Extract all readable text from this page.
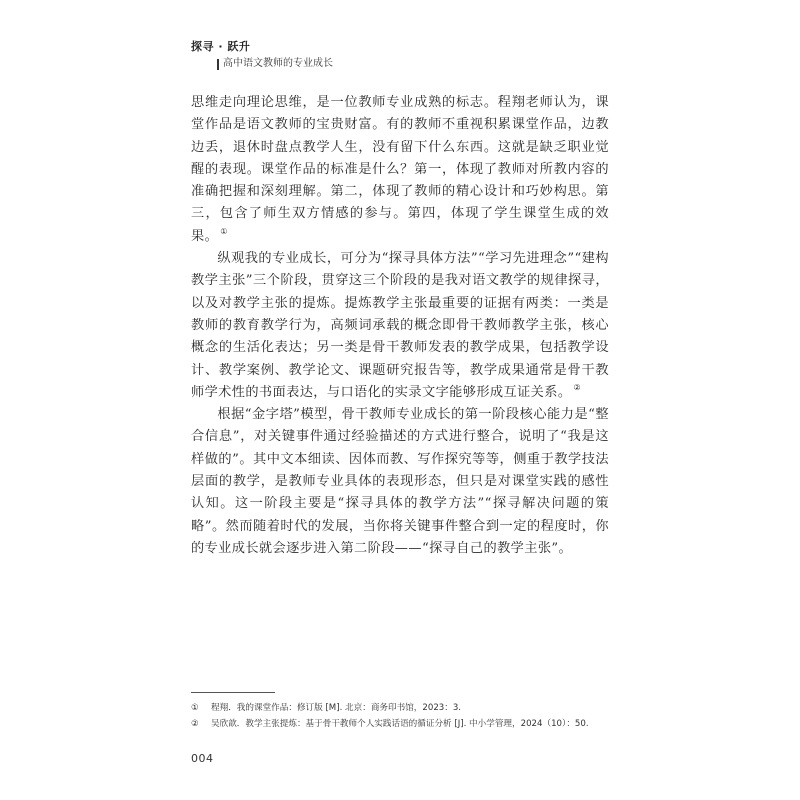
探寻 · 跃升
高中语文教师的专业成长

思维走向理论思维，是一位教师专业成熟的标志。程翔老师认为，课堂作品是语文教师的宝贵财富。有的教师不重视积累课堂作品，边教边丢，退休时盘点教学人生，没有留下什么东西。这就是缺乏职业觉醒的表现。课堂作品的标准是什么？第一，体现了教师对所教内容的准确把握和深刻理解。第二，体现了教师的精心设计和巧妙构思。第三，包含了师生双方情感的参与。第四，体现了学生课堂生成的效果。 ①

纵观我的专业成长，可分为“探寻具体方法”“学习先进理念”“建构教学主张”三个阶段，贯穿这三个阶段的是我对语文教学的规律探寻，以及对教学主张的提炼。提炼教学主张最重要的证据有两类：一类是教师的教育教学行为，高频词承载的概念即骨干教师教学主张，核心概念的生活化表达；另一类是骨干教师发表的教学成果，包括教学设计、教学案例、教学论文、课题研究报告等，教学成果通常是骨干教师学术性的书面表达，与口语化的实录文字能够形成互证关系。 ②

根据“金字塔”模型，骨干教师专业成长的第一阶段核心能力是“整合信息”，对关键事件通过经验描述的方式进行整合，说明了“我是这样做的”。其中文本细读、因体而教、写作探究等等，侧重于教学技法层面的教学，是教师专业具体的表现形态，但只是对课堂实践的感性认知。这一阶段主要是“探寻具体的教学方法”“探寻解决问题的策略”。然而随着时代的发展，当你将关键事件整合到一定的程度时，你的专业成长就会逐步进入第二阶段——“探寻自己的教学主张”。

①	程翔．我的课堂作品：修订版 [M]. 北京：商务印书馆，2023：3.
②	吴欣歆．教学主张提炼：基于骨干教师个人实践话语的循证分析 [J]. 中小学管理，2024（10）：50.
004
